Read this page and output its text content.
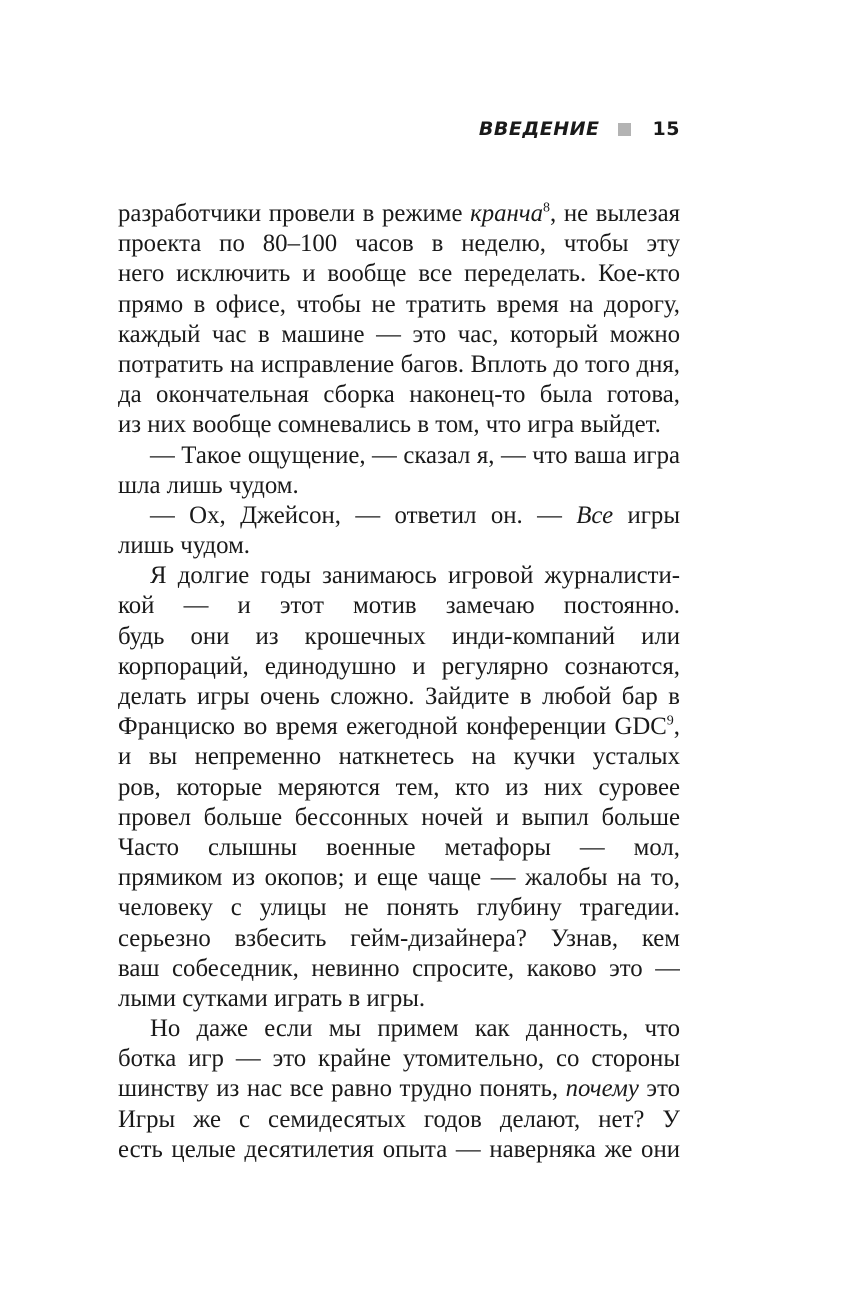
ВВЕДЕНИЕ	15
разработчики провели в режиме кранча$^8$, не вылезая
проекта по 80–100 часов в неделю, чтобы эту
него исключить и вообще все переделать. Кое-кто
прямо в офисе, чтобы не тратить время на дорогу,
каждый час в машине — это час, который можно
потратить на исправление багов. Вплоть до того дня,
да окончательная сборка наконец-то была готова,
из них вообще сомневались в том, что игра выйдет.
— Такое ощущение, — сказал я, — что ваша игра
шла лишь чудом.
— Ох, Джейсон, — ответил он. — Все игры
лишь чудом.
Я долгие годы занимаюсь игровой журналисти-
кой — и этот мотив замечаю постоянно.
будь они из крошечных инди-компаний или
корпораций, единодушно и регулярно сознаются,
делать игры очень сложно. Зайдите в любой бар в
Франциско во время ежегодной конференции GDC$^9$,
и вы непременно наткнетесь на кучки усталых
ров, которые меряются тем, кто из них суровее
провел больше бессонных ночей и выпил больше
Часто слышны военные метафоры — мол,
прямиком из окопов; и еще чаще — жалобы на то,
человеку с улицы не понять глубину трагедии.
серьезно взбесить гейм-дизайнера? Узнав, кем
ваш собеседник, невинно спросите, каково это —
лыми сутками играть в игры.
Но даже если мы примем как данность, что
ботка игр — это крайне утомительно, со стороны
шинству из нас все равно трудно понять, почему это
Игры же с семидесятых годов делают, нет? У
есть целые десятилетия опыта — наверняка же они
